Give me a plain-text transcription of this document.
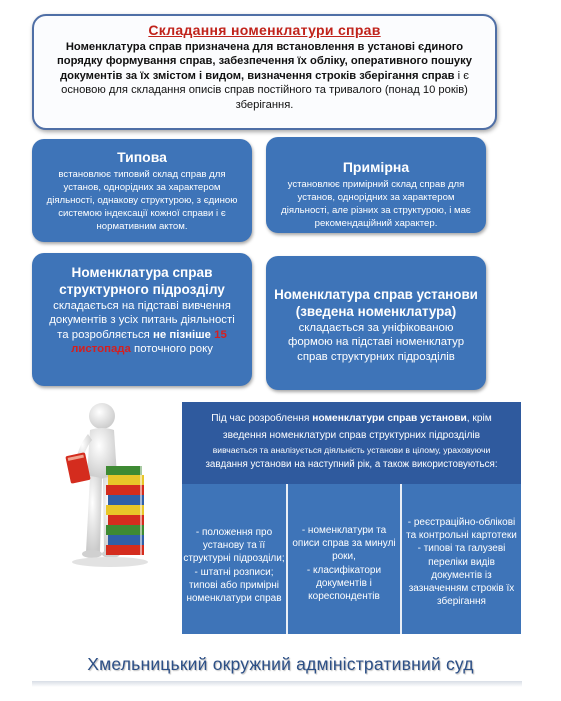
Складання номенклатури справ
Номенклатура справ призначена для встановлення в установі єдиного порядку формування справ, забезпечення їх обліку, оперативного пошуку документів за їх змістом і видом, визначення строків зберігання справ і є основою для складання описів справ постійного та тривалого (понад 10 років) зберігання.
Типова
встановлює типовий склад справ для установ, однорідних за характером діяльності, однакову структурою, з єдиною системою індексації кожної справи і є нормативним актом.
Примірна
установлює примірний склад справ для установ, однорідних за характером діяльності, але різних за структурою, і має рекомендаційний характер.
Номенклатура справ структурного підрозділу
складається на підставі вивчення документів з усіх питань діяльності та розробляється не пізніше 15 листопада поточного року
Номенклатура справ установи (зведена номенклатура)
складається за уніфікованою формою на підставі номенклатур справ структурних підрозділів
Під час розроблення номенклатури справ установи, крім зведення номенклатури справ структурних підрозділів
вивчається та аналізується діяльність установи в цілому, ураховуючи
завдання установи на наступний рік, а також використовуються:
- положення про установу та її структурні підрозділи;
- штатні розписи;
типові або примірні номенклатури справ
- номенклатури та описи справ за минулі роки,
- класифікатори документів і кореспондентів
- реєстраційно-облікові та контрольні картотеки
- типові та галузеві переліки видів документів із зазначенням строків їх зберігання
Хмельницький окружний адміністративний суд
